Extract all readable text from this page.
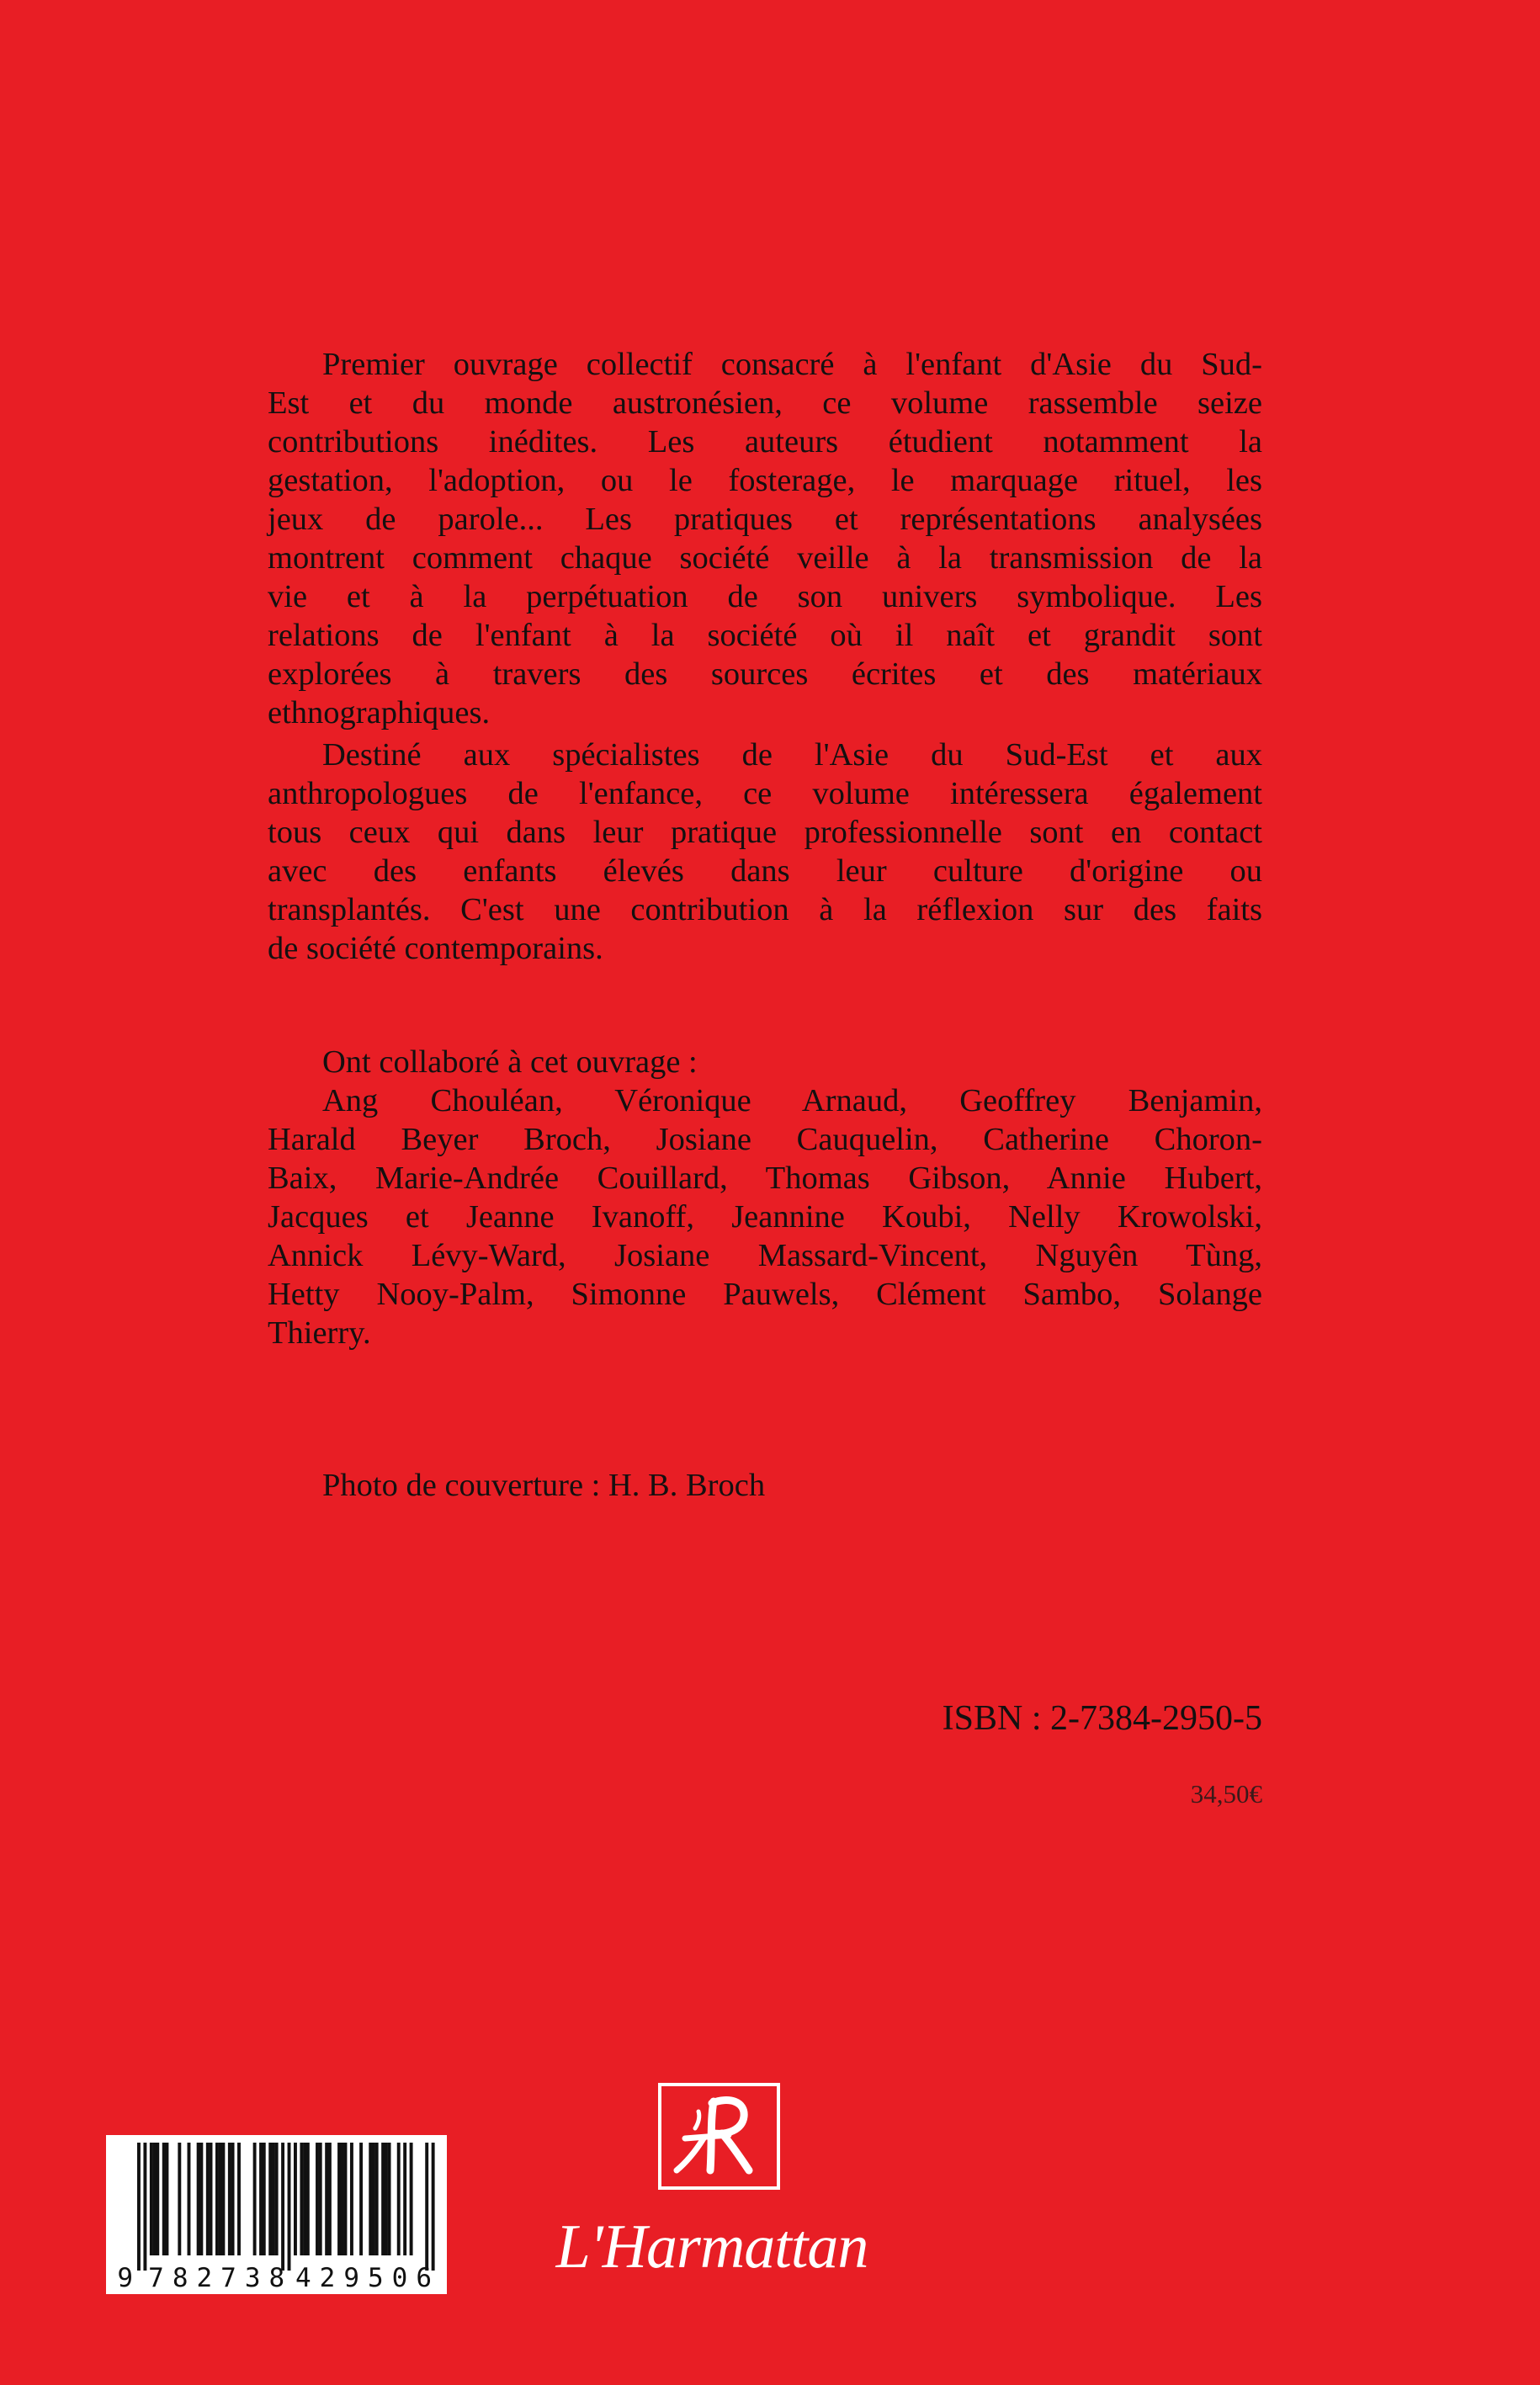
Premier ouvrage collectif consacré à l'enfant d'Asie du Sud-
Est et du monde austronésien, ce volume rassemble seize
contributions inédites. Les auteurs étudient notamment la
gestation, l'adoption, ou le fosterage, le marquage rituel, les
jeux de parole... Les pratiques et représentations analysées
montrent comment chaque société veille à la transmission de la
vie et à la perpétuation de son univers symbolique. Les
relations de l'enfant à la société où il naît et grandit sont
explorées à travers des sources écrites et des matériaux
ethnographiques.
Destiné aux spécialistes de l'Asie du Sud-Est et aux
anthropologues de l'enfance, ce volume intéressera également
tous ceux qui dans leur pratique professionnelle sont en contact
avec des enfants élevés dans leur culture d'origine ou
transplantés. C'est une contribution à la réflexion sur des faits
de société contemporains.
Ont collaboré à cet ouvrage :
Ang Chouléan, Véronique Arnaud, Geoffrey Benjamin,
Harald Beyer Broch, Josiane Cauquelin, Catherine Choron-
Baix, Marie-Andrée Couillard, Thomas Gibson, Annie Hubert,
Jacques et Jeanne Ivanoff, Jeannine Koubi, Nelly Krowolski,
Annick Lévy-Ward, Josiane Massard-Vincent, Nguyên Tùng,
Hetty Nooy-Palm, Simonne Pauwels, Clément Sambo, Solange
Thierry.
Photo de couverture : H. B. Broch
ISBN : 2-7384-2950-5
34,50€
9 782738 429506 L'Harmattan
